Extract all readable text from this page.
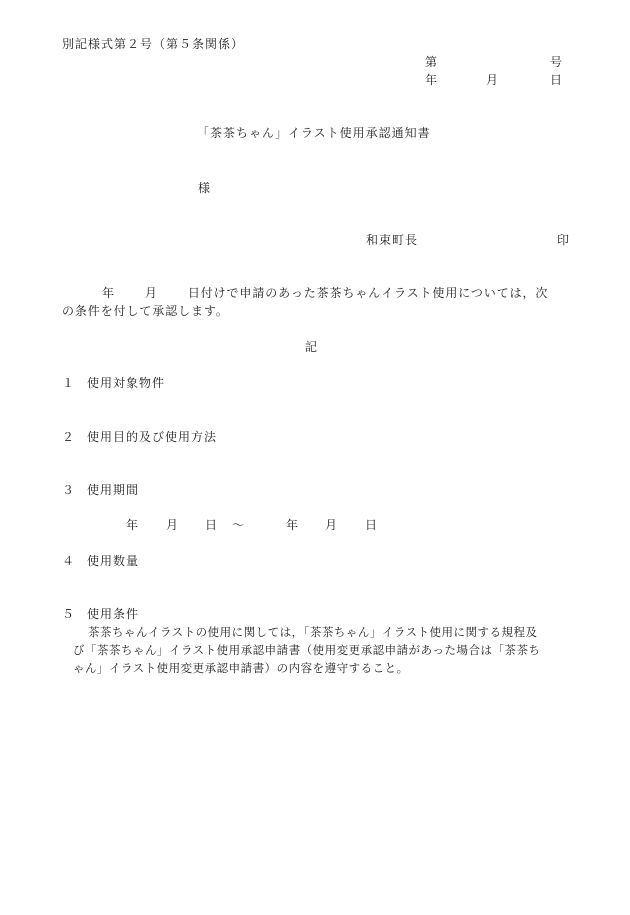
別記様式第２号（第５条関係）
第	号
年	月	日
「茶茶ちゃん」イラスト使用承認通知書
様
和束町長	印
年	月	日付けで申請のあった茶茶ちゃんイラスト使用については，次
の条件を付して承認します。
記
１ 使用対象物件
２ 使用目的及び使用方法
３ 使用期間
年 月 日 ～	年 月 日
４ 使用数量
５ 使用条件
茶茶ちゃんイラストの使用に関しては，「茶茶ちゃん」イラスト使用に関する規程及
び「茶茶ちゃん」イラスト使用承認申請書（使用変更承認申請があった場合は「茶茶ち
ゃん」イラスト使用変更承認申請書）の内容を遵守すること。
